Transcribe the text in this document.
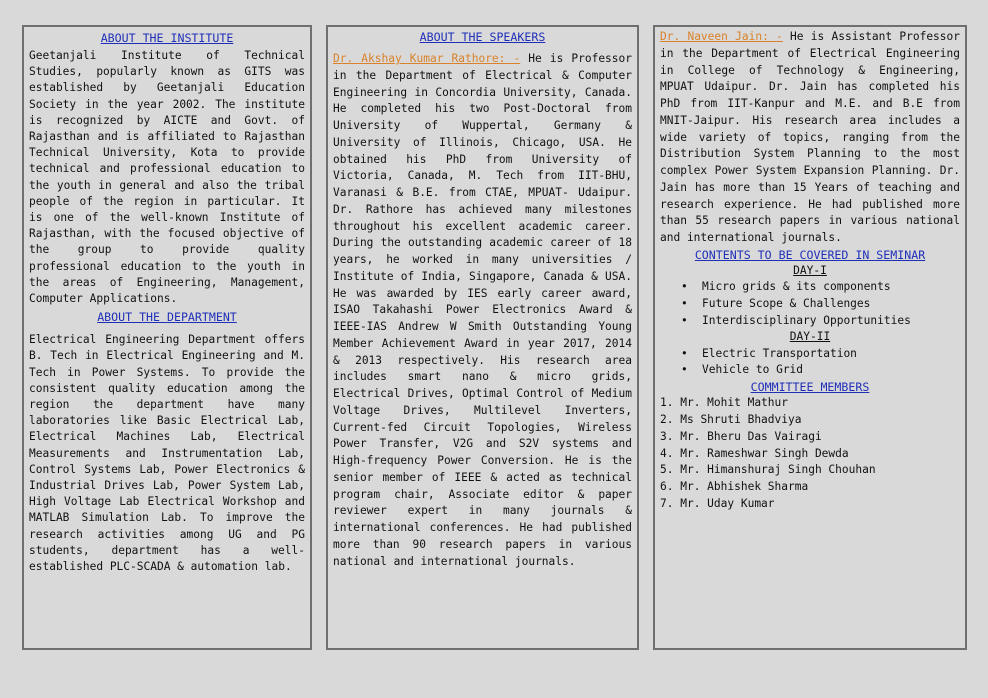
ABOUT THE INSTITUTE

Geetanjali Institute of Technical Studies, popularly known as GITS was established by Geetanjali Education Society in the year 2002. The institute is recognized by AICTE and Govt. of Rajasthan and is affiliated to Rajasthan Technical University, Kota to provide technical and professional education to the youth in general and also the tribal people of the region in particular. It is one of the well-known Institute of Rajasthan, with the focused objective of the group to provide quality professional education to the youth in the areas of Engineering, Management, Computer Applications.

ABOUT THE DEPARTMENT

Electrical Engineering Department offers B. Tech in Electrical Engineering and M. Tech in Power Systems. To provide the consistent quality education among the region the department have many laboratories like Basic Electrical Lab, Electrical Machines Lab, Electrical Measurements and Instrumentation Lab, Control Systems Lab, Power Electronics & Industrial Drives Lab, Power System Lab, High Voltage Lab Electrical Workshop and MATLAB Simulation Lab. To improve the research activities among UG and PG students, department has a well-established PLC-SCADA & automation lab.

ABOUT THE SPEAKERS

Dr. Akshay Kumar Rathore: - He is Professor in the Department of Electrical & Computer Engineering in Concordia University, Canada. He completed his two Post-Doctoral from University of Wuppertal, Germany & University of Illinois, Chicago, USA. He obtained his PhD from University of Victoria, Canada, M. Tech from IIT-BHU, Varanasi & B.E. from CTAE, MPUAT- Udaipur. Dr. Rathore has achieved many milestones throughout his excellent academic career. During the outstanding academic career of 18 years, he worked in many universities / Institute of India, Singapore, Canada & USA. He was awarded by IES early career award, ISAO Takahashi Power Electronics Award & IEEE-IAS Andrew W Smith Outstanding Young Member Achievement Award in year 2017, 2014 & 2013 respectively. His research area includes smart nano & micro grids, Electrical Drives, Optimal Control of Medium Voltage Drives, Multilevel Inverters, Current-fed Circuit Topologies, Wireless Power Transfer, V2G and S2V systems and High-frequency Power Conversion. He is the senior member of IEEE & acted as technical program chair, Associate editor & paper reviewer expert in many journals & international conferences. He had published more than 90 research papers in various national and international journals.

Dr. Naveen Jain: - He is Assistant Professor in the Department of Electrical Engineering in College of Technology & Engineering, MPUAT Udaipur. Dr. Jain has completed his PhD from IIT-Kanpur and M.E. and B.E from MNIT-Jaipur. His research area includes a wide variety of topics, ranging from the Distribution System Planning to the most complex Power System Expansion Planning. Dr. Jain has more than 15 Years of teaching and research experience. He had published more than 55 research papers in various national and international journals.

CONTENTS TO BE COVERED IN SEMINAR

DAY-I

• Micro grids & its components
• Future Scope & Challenges
• Interdisciplinary Opportunities

DAY-II

• Electric Transportation
• Vehicle to Grid

COMMITTEE MEMBERS

1. Mr. Mohit Mathur
2. Ms Shruti Bhadviya
3. Mr. Bheru Das Vairagi
4. Mr. Rameshwar Singh Dewda
5. Mr. Himanshuraj Singh Chouhan
6. Mr. Abhishek Sharma
7. Mr. Uday Kumar
